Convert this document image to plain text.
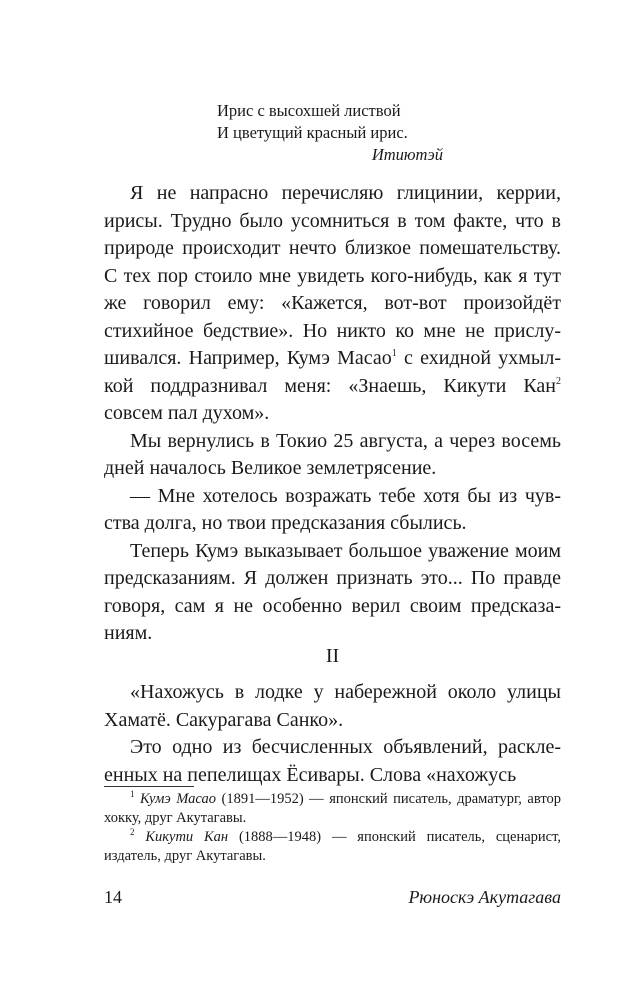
Ирис с высохшей листвой
И цветущий красный ирис.
Итиютэй

Я не напрасно перечисляю глицинии, керрии, ирисы. Трудно было усомниться в том факте, что в природе происходит нечто близкое помешательству. С тех пор стоило мне увидеть кого-нибудь, как я тут же говорил ему: «Кажется, вот-вот произойдёт стихийное бедствие». Но никто ко мне не прислушивался. Например, Кумэ Масао$^1$ с ехидной ухмылкой поддразнивал меня: «Знаешь, Кикути Кан$^2$ совсем пал духом».

Мы вернулись в Токио 25 августа, а через восемь дней началось Великое землетрясение.

— Мне хотелось возражать тебе хотя бы из чувства долга, но твои предсказания сбылись.

Теперь Кумэ выказывает большое уважение моим предсказаниям. Я должен признать это... По правде говоря, сам я не особенно верил своим предсказаниям.

II

«Нахожусь в лодке у набережной около улицы Хаматё. Сакурагава Санко».

Это одно из бесчисленных объявлений, расклеенных на пепелищах Ёсивары. Слова «нахожусь

$^1$ Кумэ Масао (1891—1952) — японский писатель, драматург, автор хокку, друг Акутагавы.

$^2$ Кикути Кан (1888—1948) — японский писатель, сценарист, издатель, друг Акутагавы.

14	Рюноскэ Акутагава
